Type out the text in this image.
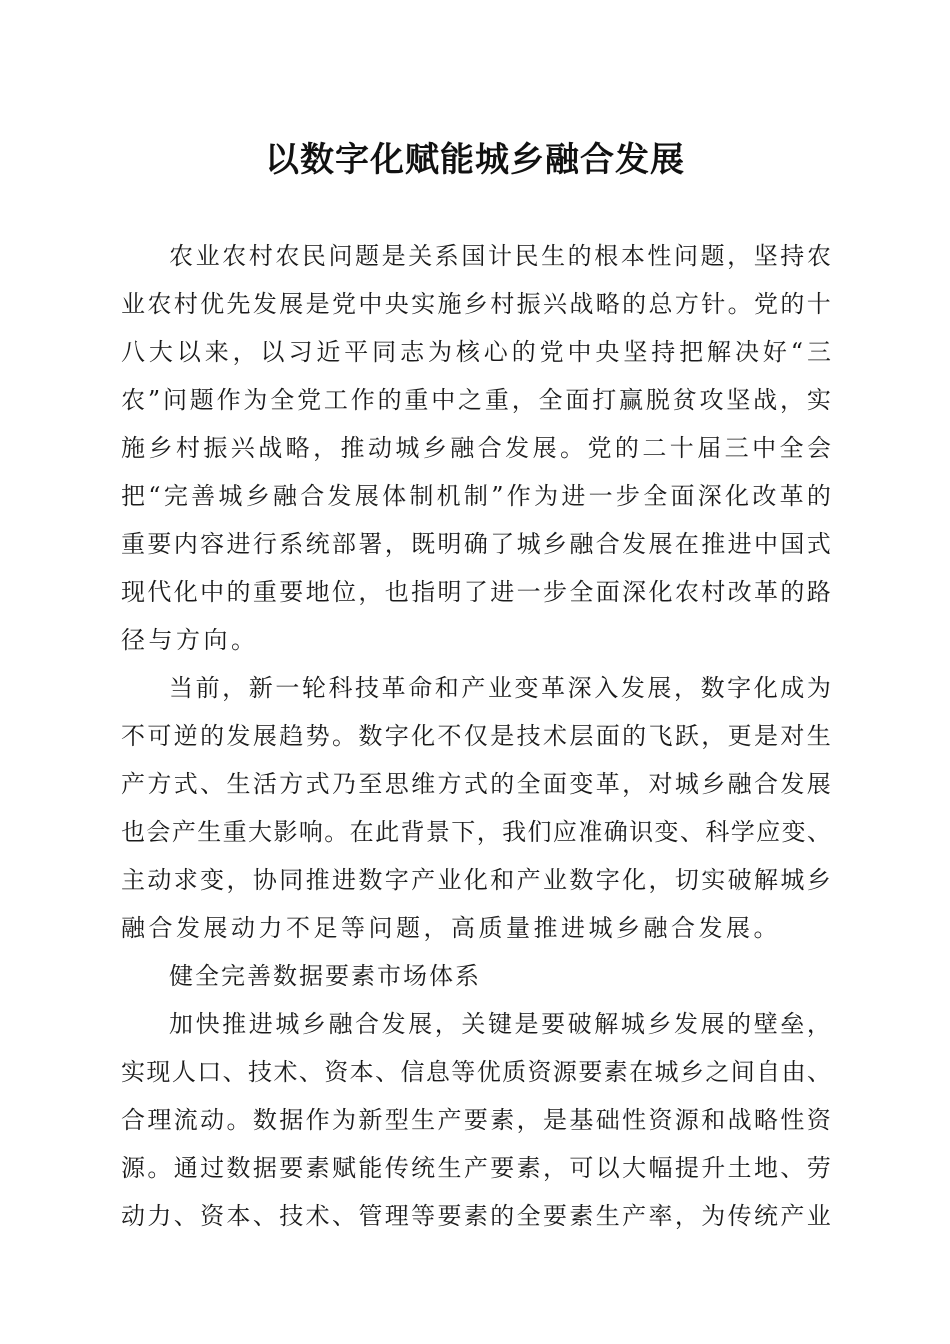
以数字化赋能城乡融合发展
农 业 农 村 农 民 问 题 是 关 系 国 计 民 生 的 根 本 性 问 题 ， 坚 持 农
业 农 村 优 先 发 展 是 党 中 央 实 施 乡 村 振 兴 战 略 的 总 方 针 。 党 的 十
八 大 以 来 ， 以 习 近 平 同 志 为 核 心 的 党 中 央 坚 持 把 解 决 好 “ 三
农 ” 问 题 作 为 全 党 工 作 的 重 中 之 重 ， 全 面 打 赢 脱 贫 攻 坚 战 ， 实
施 乡 村 振 兴 战 略 ， 推 动 城 乡 融 合 发 展 。 党 的 二 十 届 三 中 全 会
把 “ 完 善 城 乡 融 合 发 展 体 制 机 制 ” 作 为 进 一 步 全 面 深 化 改 革 的
重 要 内 容 进 行 系 统 部 署 ， 既 明 确 了 城 乡 融 合 发 展 在 推 进 中 国 式
现 代 化 中 的 重 要 地 位 ， 也 指 明 了 进 一 步 全 面 深 化 农 村 改 革 的 路
径与方向。
当 前 ， 新 一 轮 科 技 革 命 和 产 业 变 革 深 入 发 展 ， 数 字 化 成 为
不 可 逆 的 发 展 趋 势 。 数 字 化 不 仅 是 技 术 层 面 的 飞 跃 ， 更 是 对 生
产 方 式 、 生 活 方 式 乃 至 思 维 方 式 的 全 面 变 革 ， 对 城 乡 融 合 发 展
也 会 产 生 重 大 影 响 。 在 此 背 景 下 ， 我 们 应 准 确 识 变 、 科 学 应 变 、
主 动 求 变 ， 协 同 推 进 数 字 产 业 化 和 产 业 数 字 化 ， 切 实 破 解 城 乡
融合发展动力不足等问题，高质量推进城乡融合发展。
健全完善数据要素市场体系
加 快 推 进 城 乡 融 合 发 展 ， 关 键 是 要 破 解 城 乡 发 展 的 壁 垒 ，
实 现 人 口 、 技 术 、 资 本 、 信 息 等 优 质 资 源 要 素 在 城 乡 之 间 自 由 、
合 理 流 动 。 数 据 作 为 新 型 生 产 要 素 ， 是 基 础 性 资 源 和 战 略 性 资
源 。 通 过 数 据 要 素 赋 能 传 统 生 产 要 素 ， 可 以 大 幅 提 升 土 地 、 劳
动 力 、 资 本 、 技 术 、 管 理 等 要 素 的 全 要 素 生 产 率 ， 为 传 统 产 业
